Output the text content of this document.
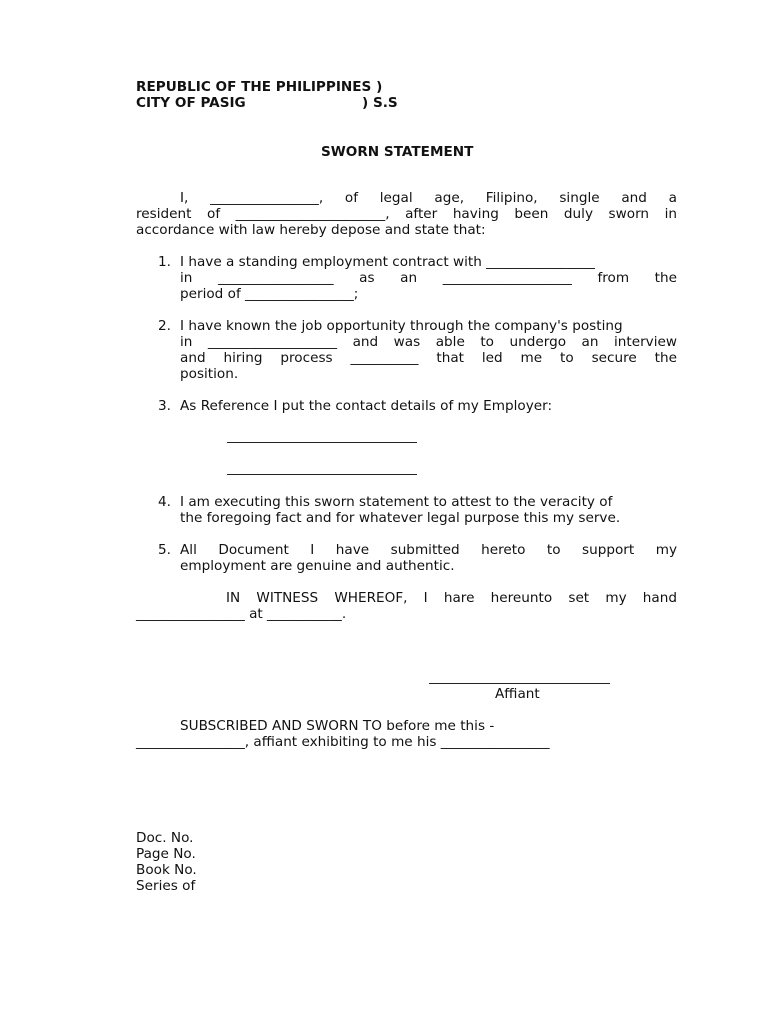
REPUBLIC OF THE PHILIPPINES )
CITY OF PASIG	) S.S
SWORN STATEMENT
I, ________________, of legal age, Filipino, single and a
resident of ______________________, after having been duly sworn in
accordance with law hereby depose and state that:
1. I have a standing employment contract with ________________
in _________________ as an ___________________ from the
period of ________________;
2. I have known the job opportunity through the company's posting
in ___________________ and was able to undergo an interview
and hiring process __________ that led me to secure the
position.
3. As Reference I put the contact details of my Employer:
4. I am executing this sworn statement to attest to the veracity of
the foregoing fact and for whatever legal purpose this my serve.
5. All Document I have submitted hereto to support my
employment are genuine and authentic.
IN WITNESS WHEREOF, I hare hereunto set my hand
________________ at ___________.
Affiant
SUBSCRIBED AND SWORN TO before me this -
________________, affiant exhibiting to me his ________________
Doc. No.
Page No.
Book No.
Series of
